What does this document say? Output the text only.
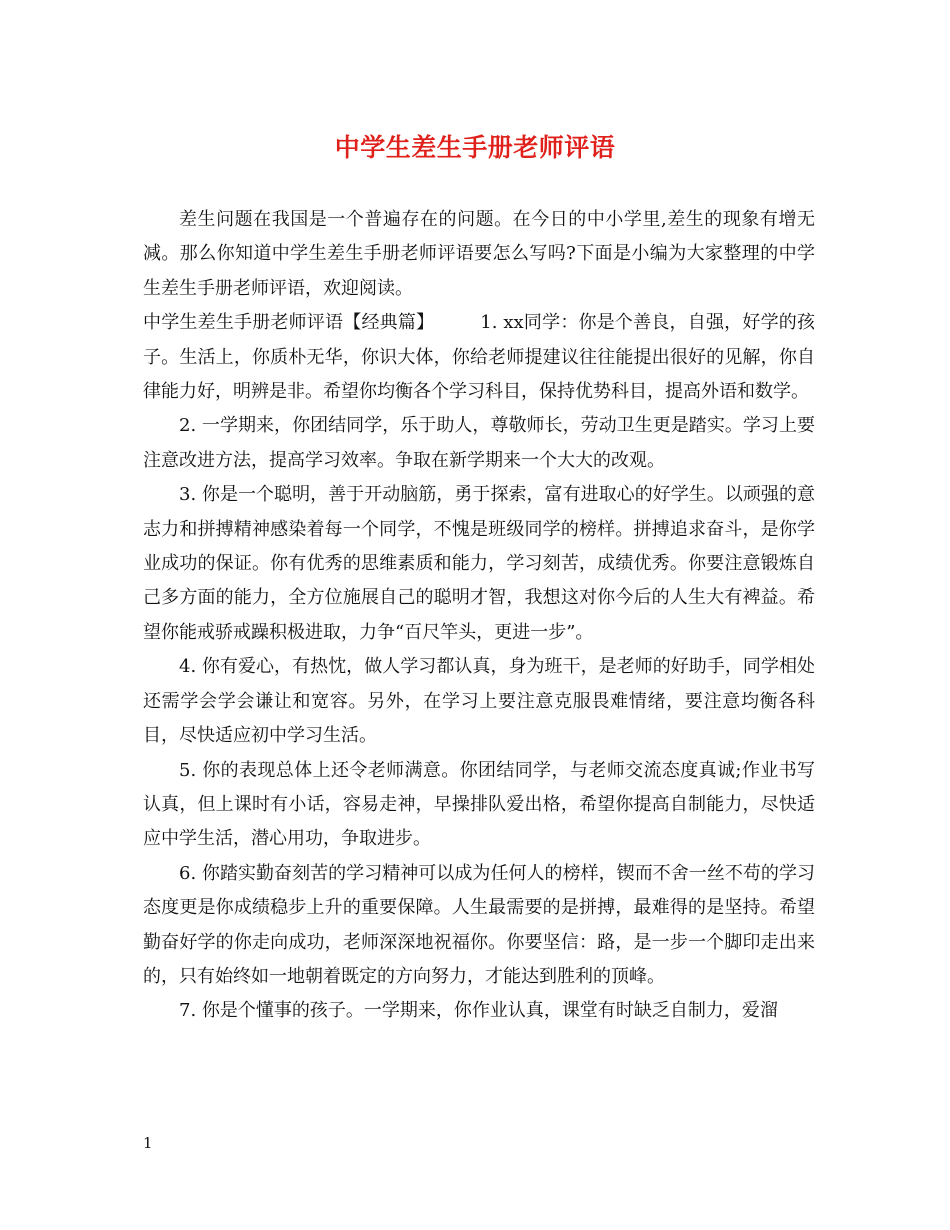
中学生差生手册老师评语

差生问题在我国是一个普遍存在的问题。在今日的中小学里,差生的现象有增无减。那么你知道中学生差生手册老师评语要怎么写吗?下面是小编为大家整理的中学生差生手册老师评语，欢迎阅读。

中学生差生手册老师评语【经典篇】	1. xx同学：你是个善良，自强，好学的孩子。生活上，你质朴无华，你识大体，你给老师提建议往往能提出很好的见解，你自律能力好，明辨是非。希望你均衡各个学习科目，保持优势科目，提高外语和数学。

2. 一学期来，你团结同学，乐于助人，尊敬师长，劳动卫生更是踏实。学习上要注意改进方法，提高学习效率。争取在新学期来一个大大的改观。

3. 你是一个聪明，善于开动脑筋，勇于探索，富有进取心的好学生。以顽强的意志力和拼搏精神感染着每一个同学，不愧是班级同学的榜样。拼搏追求奋斗，是你学业成功的保证。你有优秀的思维素质和能力，学习刻苦，成绩优秀。你要注意锻炼自己多方面的能力，全方位施展自己的聪明才智，我想这对你今后的人生大有裨益。希望你能戒骄戒躁积极进取，力争“百尺竿头，更进一步”。

4. 你有爱心，有热忱，做人学习都认真，身为班干，是老师的好助手，同学相处还需学会学会谦让和宽容。另外，在学习上要注意克服畏难情绪，要注意均衡各科目，尽快适应初中学习生活。

5. 你的表现总体上还令老师满意。你团结同学，与老师交流态度真诚;作业书写认真，但上课时有小话，容易走神，早操排队爱出格，希望你提高自制能力，尽快适应中学生活，潜心用功，争取进步。

6. 你踏实勤奋刻苦的学习精神可以成为任何人的榜样，锲而不舍一丝不苟的学习态度更是你成绩稳步上升的重要保障。人生最需要的是拼搏，最难得的是坚持。希望勤奋好学的你走向成功，老师深深地祝福你。你要坚信：路，是一步一个脚印走出来的，只有始终如一地朝着既定的方向努力，才能达到胜利的顶峰。

7. 你是个懂事的孩子。一学期来，你作业认真，课堂有时缺乏自制力，爱溜

1
